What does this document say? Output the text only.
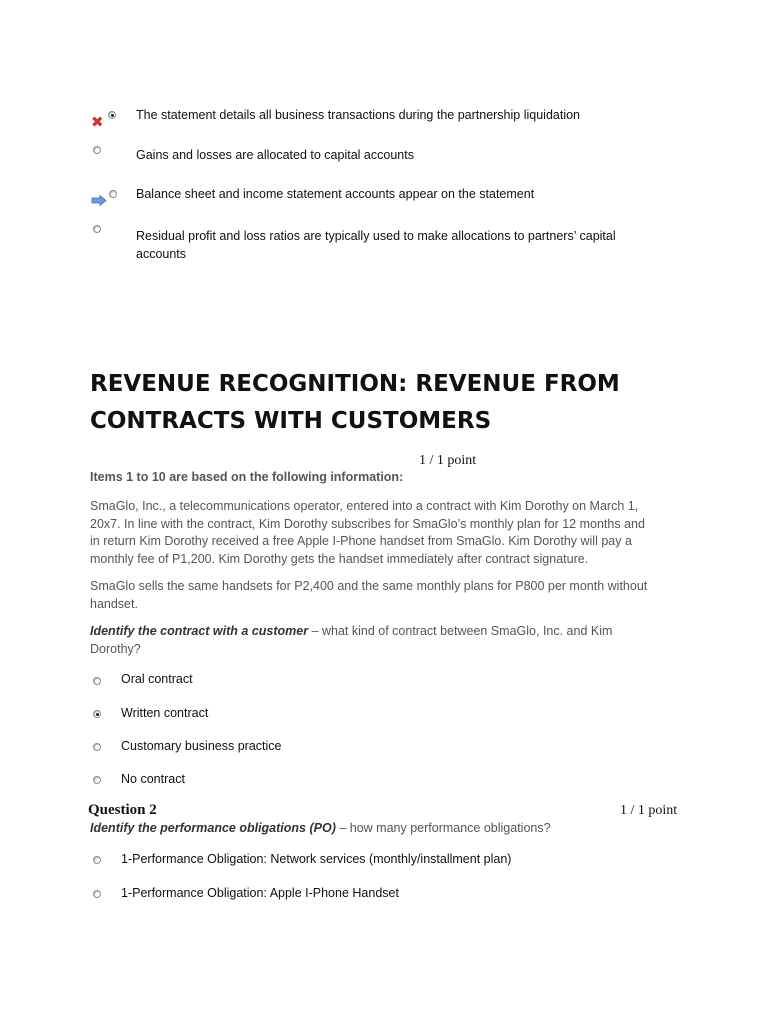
✖	The statement details all business transactions during the partnership liquidation
Gains and losses are allocated to capital accounts
Balance sheet and income statement accounts appear on the statement
Residual profit and loss ratios are typically used to make allocations to partners’ capital
accounts
REVENUE RECOGNITION: REVENUE FROM
CONTRACTS WITH CUSTOMERS
1 / 1 point
Items 1 to 10 are based on the following information:
SmaGlo, Inc., a telecommunications operator, entered into a contract with Kim Dorothy on March 1,
20x7. In line with the contract, Kim Dorothy subscribes for SmaGlo’s monthly plan for 12 months and
in return Kim Dorothy received a free Apple I-Phone handset from SmaGlo. Kim Dorothy will pay a
monthly fee of P1,200. Kim Dorothy gets the handset immediately after contract signature.
SmaGlo sells the same handsets for P2,400 and the same monthly plans for P800 per month without
handset.
Identify the contract with a customer – what kind of contract between SmaGlo, Inc. and Kim
Dorothy?
Oral contract
Written contract
Customary business practice
No contract
Question 2	1 / 1 point
Identify the performance obligations (PO) – how many performance obligations?
1-Performance Obligation: Network services (monthly/installment plan)
1-Performance Obligation: Apple I-Phone Handset
